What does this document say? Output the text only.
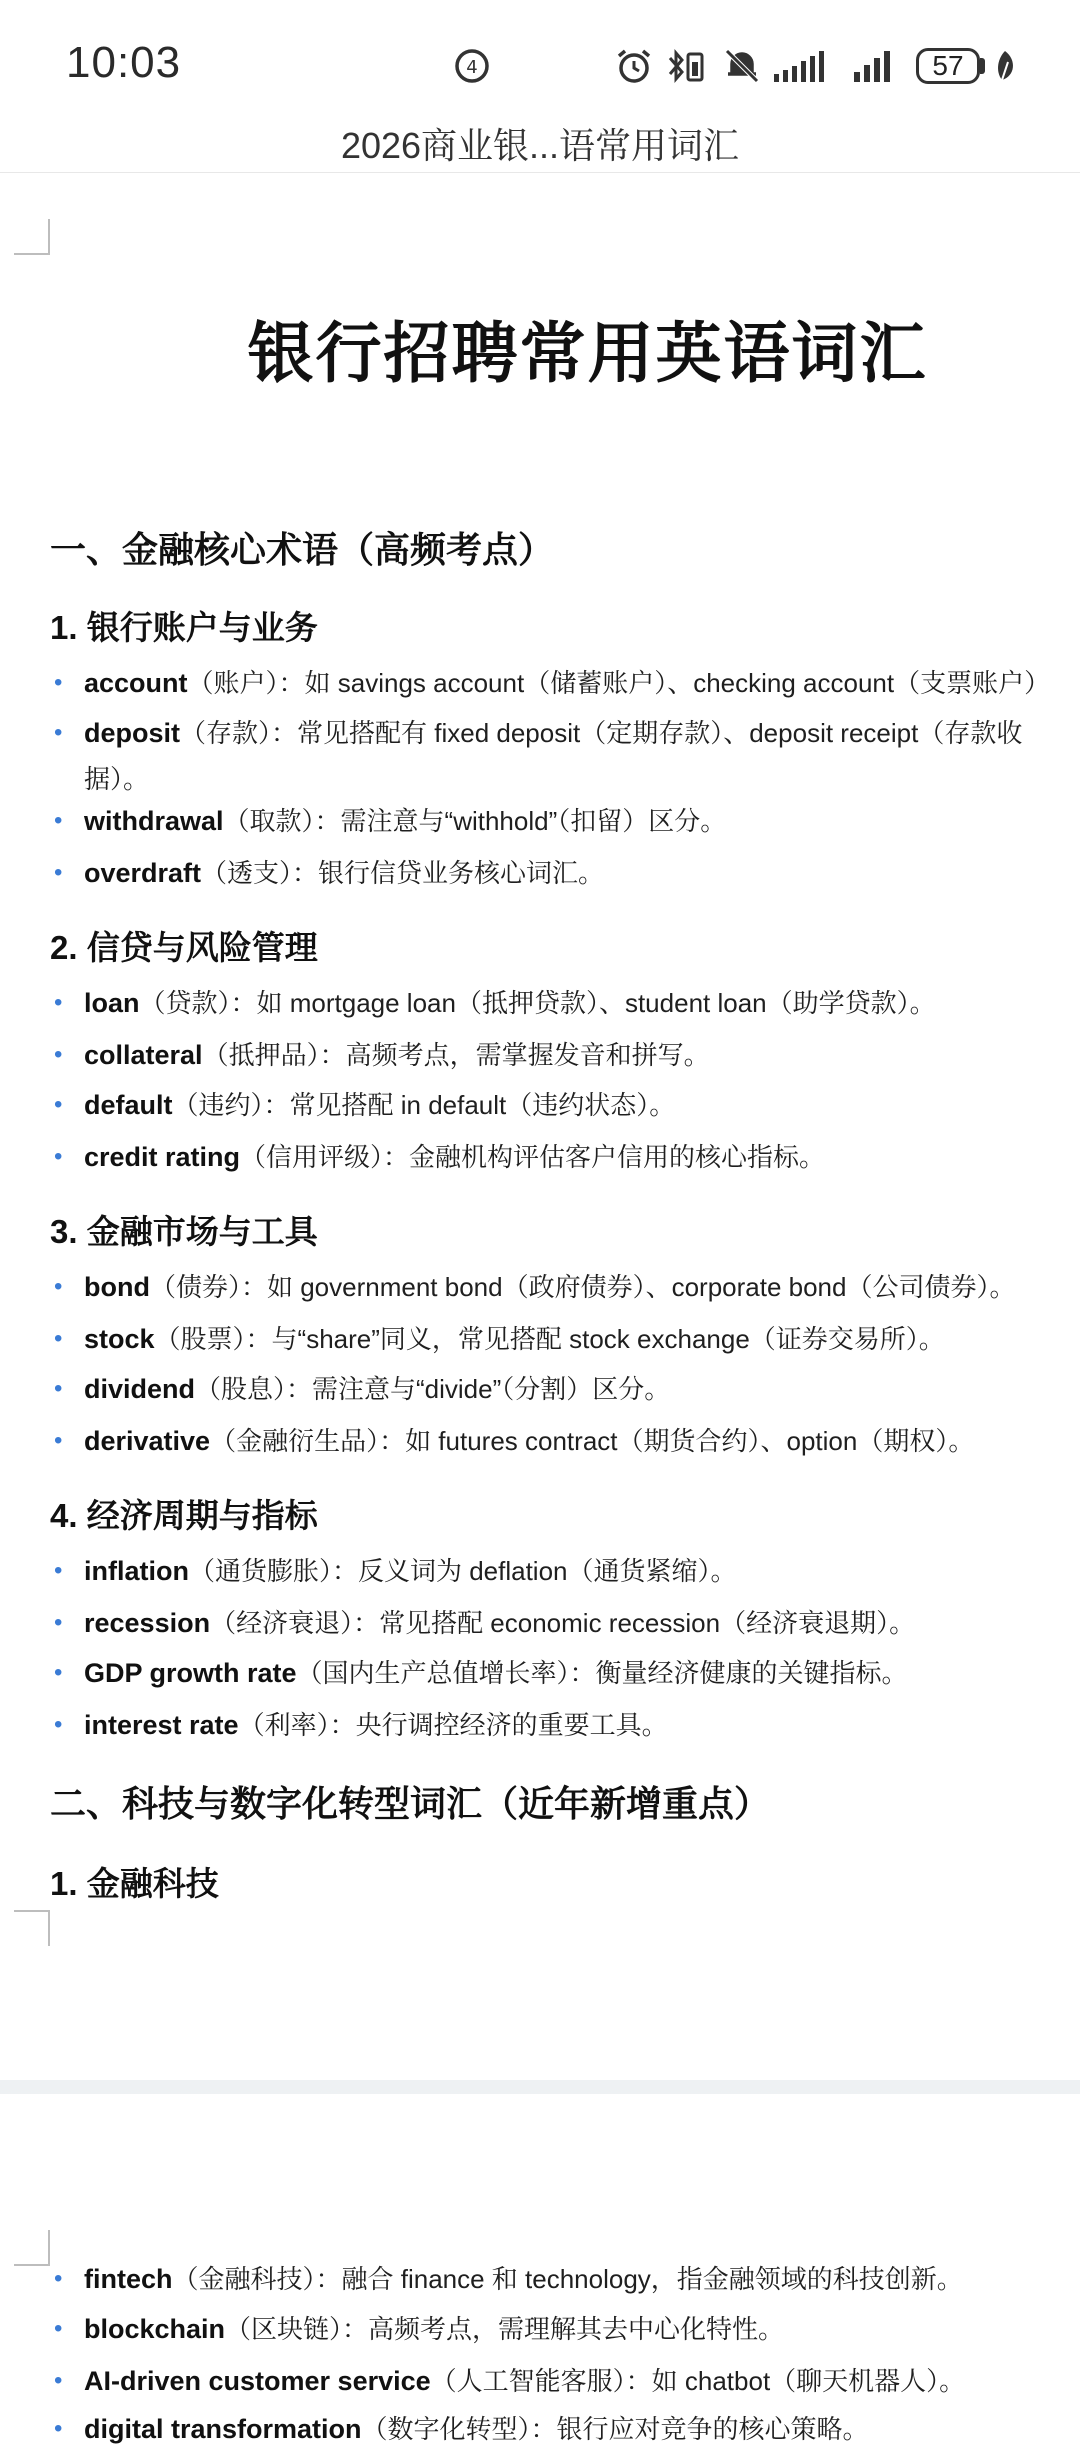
10:03	4	57
2026商业银...语常用词汇
银行招聘常用英语词汇
一、金融核心术语（高频考点）
1. 银行账户与业务
• account（账户）：如 savings account（储蓄账户）、checking account（支票账户）
• deposit（存款）：常见搭配有 fixed deposit（定期存款）、deposit receipt（存款收据）。
• withdrawal（取款）：需注意与“withhold”（扣留）区分。
• overdraft（透支）：银行信贷业务核心词汇。
2. 信贷与风险管理
• loan（贷款）：如 mortgage loan（抵押贷款）、student loan（助学贷款）。
• collateral（抵押品）：高频考点，需掌握发音和拼写。
• default（违约）：常见搭配 in default（违约状态）。
• credit rating（信用评级）：金融机构评估客户信用的核心指标。
3. 金融市场与工具
• bond（债券）：如 government bond（政府债券）、corporate bond（公司债券）。
• stock（股票）：与“share”同义，常见搭配 stock exchange（证券交易所）。
• dividend（股息）：需注意与“divide”（分割）区分。
• derivative（金融衍生品）：如 futures contract（期货合约）、option（期权）。
4. 经济周期与指标
• inflation（通货膨胀）：反义词为 deflation（通货紧缩）。
• recession（经济衰退）：常见搭配 economic recession（经济衰退期）。
• GDP growth rate（国内生产总值增长率）：衡量经济健康的关键指标。
• interest rate（利率）：央行调控经济的重要工具。
二、科技与数字化转型词汇（近年新增重点）
1. 金融科技
• fintech（金融科技）：融合 finance 和 technology，指金融领域的科技创新。
• blockchain（区块链）：高频考点，需理解其去中心化特性。
• AI-driven customer service（人工智能客服）：如 chatbot（聊天机器人）。
• digital transformation（数字化转型）：银行应对竞争的核心策略。
